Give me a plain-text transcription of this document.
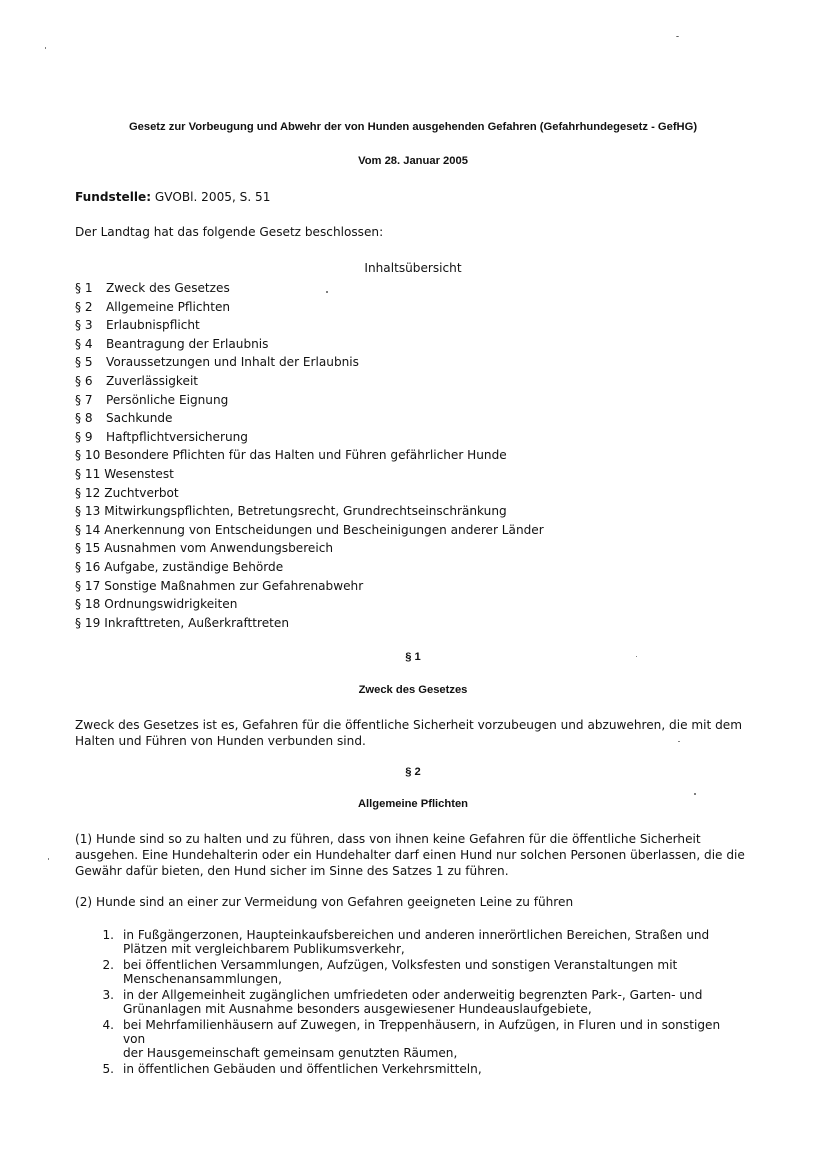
Gesetz zur Vorbeugung und Abwehr der von Hunden ausgehenden Gefahren (Gefahrhundegesetz - GefHG)
Vom 28. Januar 2005
Fundstelle: GVOBl. 2005, S. 51
Der Landtag hat das folgende Gesetz beschlossen:
Inhaltsübersicht
§ 1 Zweck des Gesetzes
§ 2 Allgemeine Pflichten
§ 3 Erlaubnispflicht
§ 4 Beantragung der Erlaubnis
§ 5 Voraussetzungen und Inhalt der Erlaubnis
§ 6 Zuverlässigkeit
§ 7 Persönliche Eignung
§ 8 Sachkunde
§ 9 Haftpflichtversicherung
§ 10 Besondere Pflichten für das Halten und Führen gefährlicher Hunde
§ 11 Wesenstest
§ 12 Zuchtverbot
§ 13 Mitwirkungspflichten, Betretungsrecht, Grundrechtseinschränkung
§ 14 Anerkennung von Entscheidungen und Bescheinigungen anderer Länder
§ 15 Ausnahmen vom Anwendungsbereich
§ 16 Aufgabe, zuständige Behörde
§ 17 Sonstige Maßnahmen zur Gefahrenabwehr
§ 18 Ordnungswidrigkeiten
§ 19 Inkrafttreten, Außerkrafttreten
§ 1
Zweck des Gesetzes
Zweck des Gesetzes ist es, Gefahren für die öffentliche Sicherheit vorzubeugen und abzuwehren, die mit dem
Halten und Führen von Hunden verbunden sind.
§ 2
Allgemeine Pflichten
(1) Hunde sind so zu halten und zu führen, dass von ihnen keine Gefahren für die öffentliche Sicherheit
ausgehen. Eine Hundehalterin oder ein Hundehalter darf einen Hund nur solchen Personen überlassen, die die
Gewähr dafür bieten, den Hund sicher im Sinne des Satzes 1 zu führen.
(2) Hunde sind an einer zur Vermeidung von Gefahren geeigneten Leine zu führen
1. in Fußgängerzonen, Haupteinkaufsbereichen und anderen innerörtlichen Bereichen, Straßen und
Plätzen mit vergleichbarem Publikumsverkehr,
2. bei öffentlichen Versammlungen, Aufzügen, Volksfesten und sonstigen Veranstaltungen mit
Menschenansammlungen,
3. in der Allgemeinheit zugänglichen umfriedeten oder anderweitig begrenzten Park-, Garten- und
Grünanlagen mit Ausnahme besonders ausgewiesener Hundeauslaufgebiete,
4. bei Mehrfamilienhäusern auf Zuwegen, in Treppenhäusern, in Aufzügen, in Fluren und in sonstigen von
der Hausgemeinschaft gemeinsam genutzten Räumen,
5. in öffentlichen Gebäuden und öffentlichen Verkehrsmitteln,
